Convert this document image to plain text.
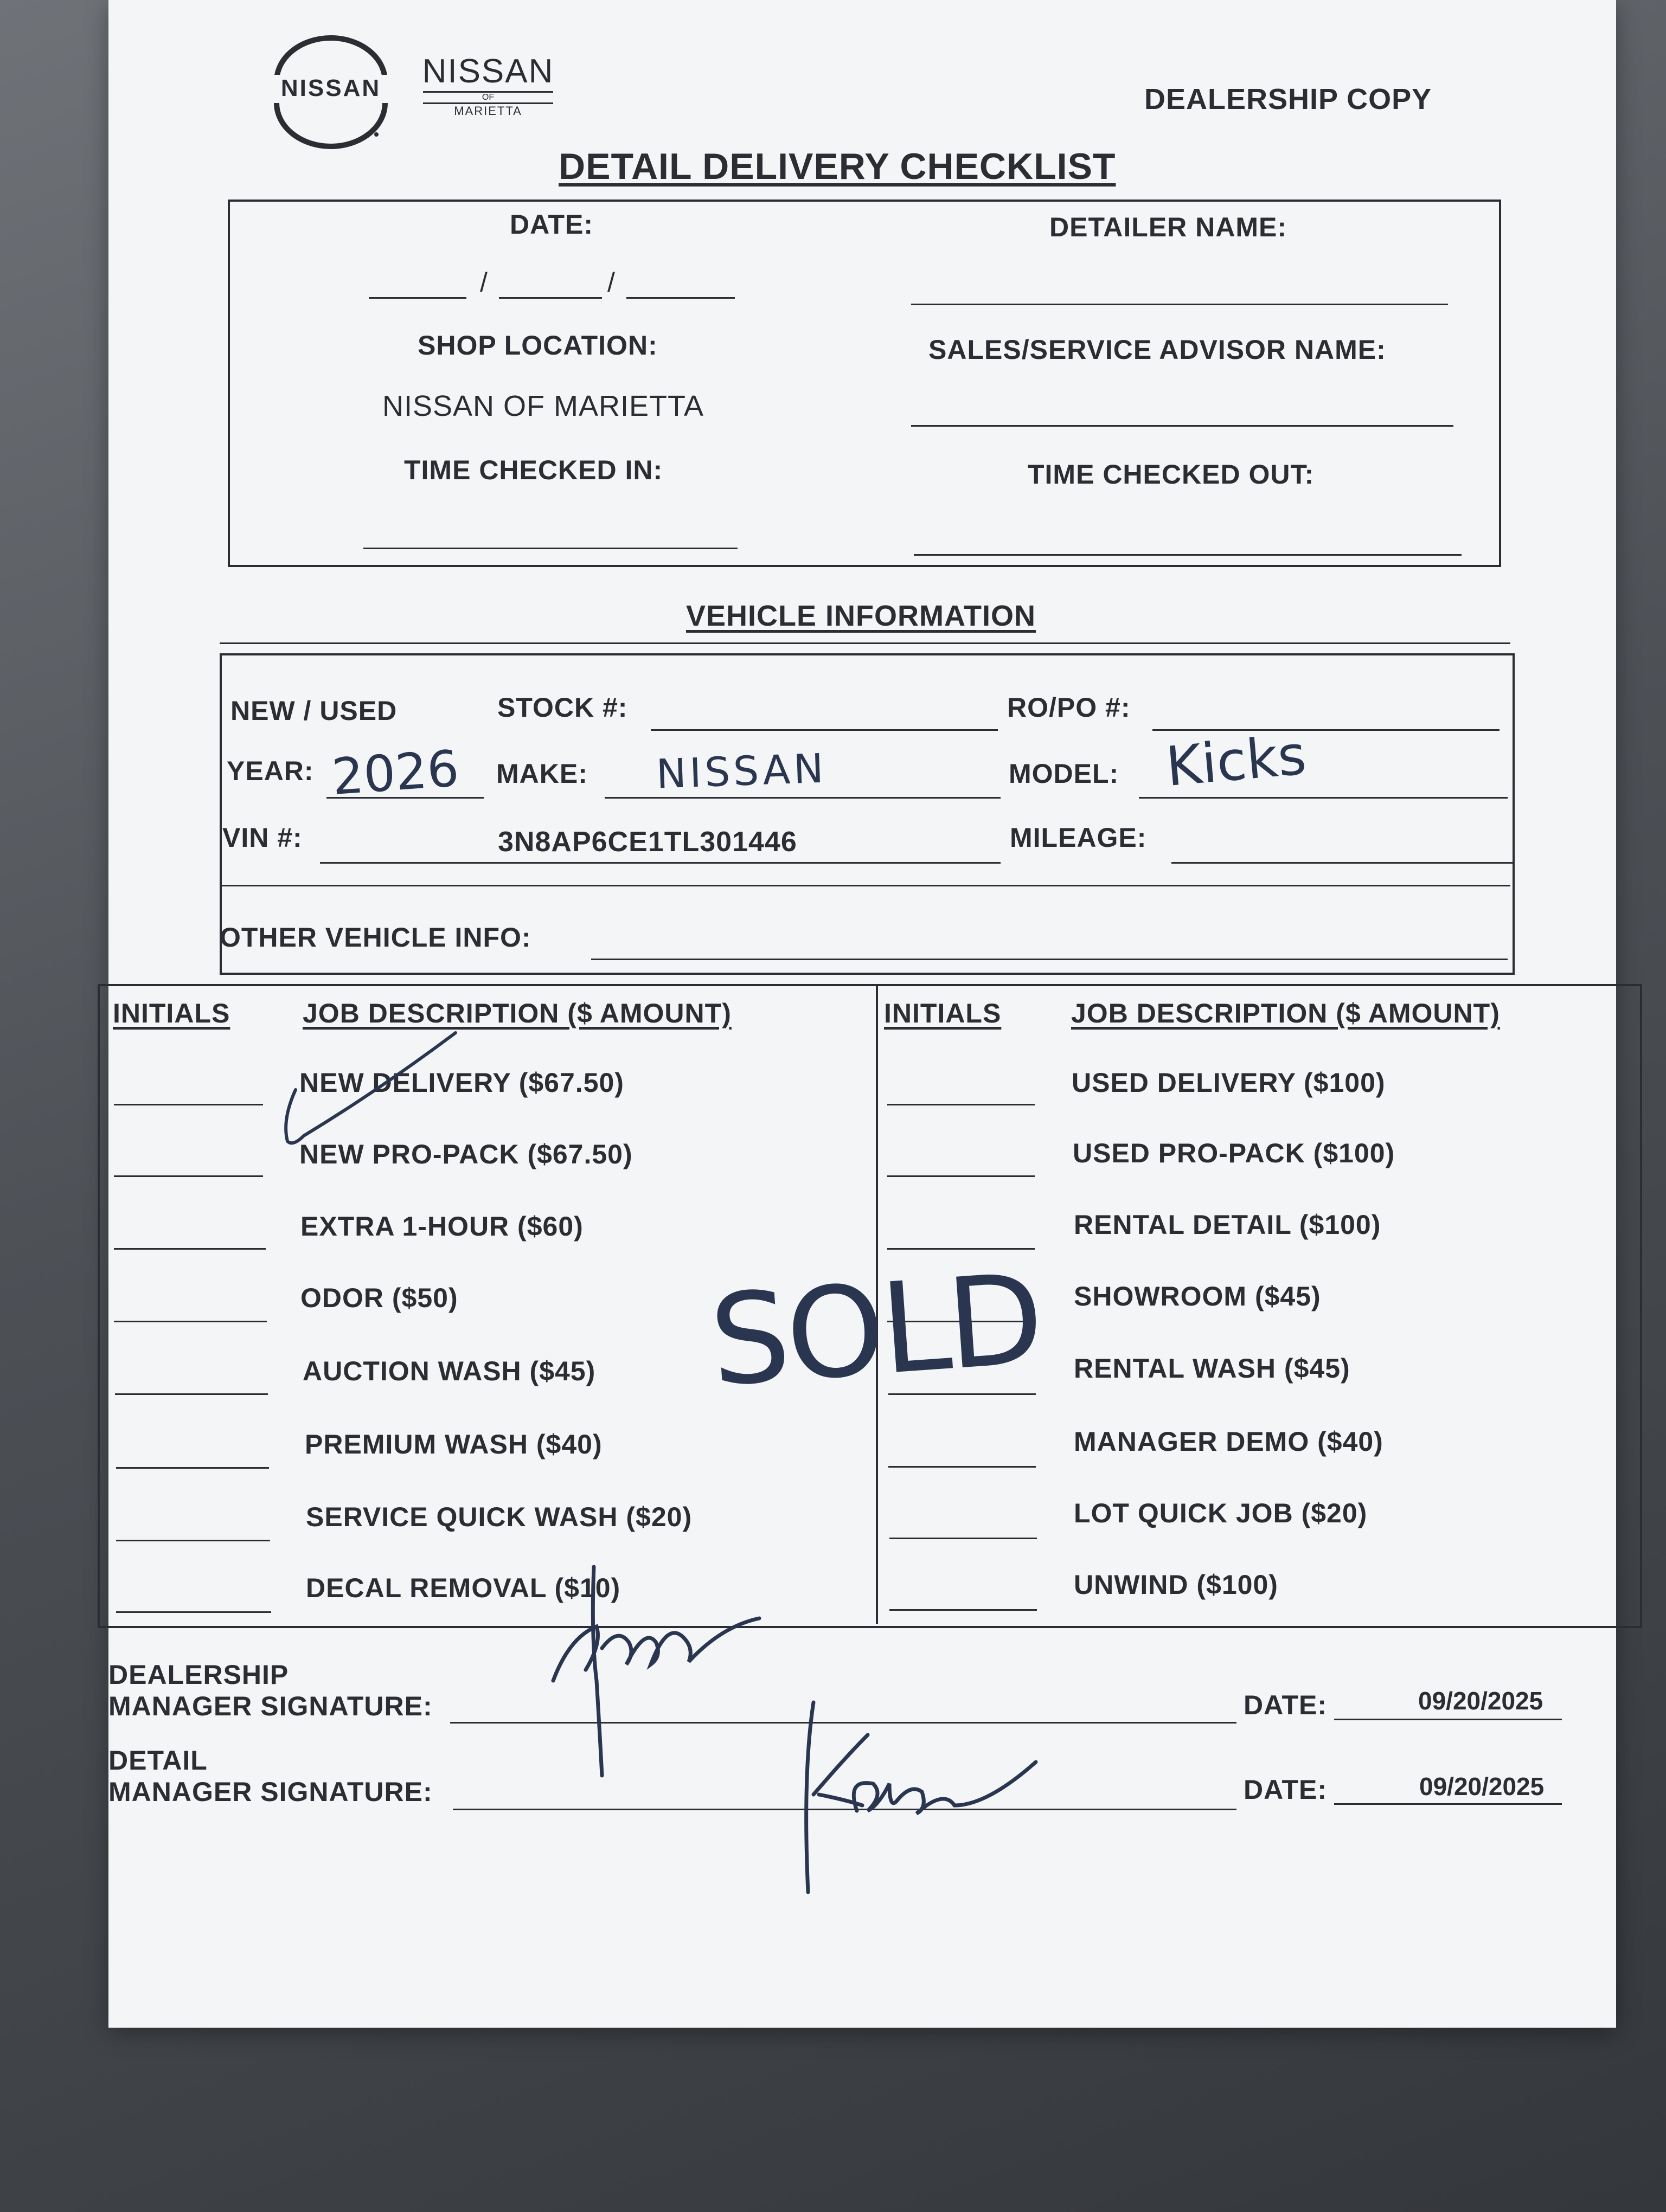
NISSAN	NISSAN
OF
MARIETTA	DEALERSHIP COPY
DETAIL DELIVERY CHECKLIST
DATE:
/	/
DETAILER NAME:
SHOP LOCATION:
NISSAN OF MARIETTA
SALES/SERVICE ADVISOR NAME:
TIME CHECKED IN:	TIME CHECKED OUT:
VEHICLE INFORMATION
NEW / USED	STOCK #:	RO/PO #:
YEAR: 2026 MAKE: NISSAN	MODEL: Kicks
VIN #:	3N8AP6CE1TL301446	MILEAGE:
OTHER VEHICLE INFO:
INITIALS	JOB DESCRIPTION ($ AMOUNT)	INITIALS	JOB DESCRIPTION ($ AMOUNT)
NEW DELIVERY ($67.50)
NEW PRO-PACK ($67.50)
EXTRA 1-HOUR ($60)
ODOR ($50)
AUCTION WASH ($45)
PREMIUM WASH ($40)
SERVICE QUICK WASH ($20)
DECAL REMOVAL ($10)
USED DELIVERY ($100)
USED PRO-PACK ($100)
RENTAL DETAIL ($100)
SHOWROOM ($45)
RENTAL WASH ($45)
MANAGER DEMO ($40)
LOT QUICK JOB ($20)
UNWIND ($100)
SOLD
DEALERSHIP
MANAGER SIGNATURE:	DATE:	09/20/2025
DETAIL
MANAGER SIGNATURE:	DATE:	09/20/2025
